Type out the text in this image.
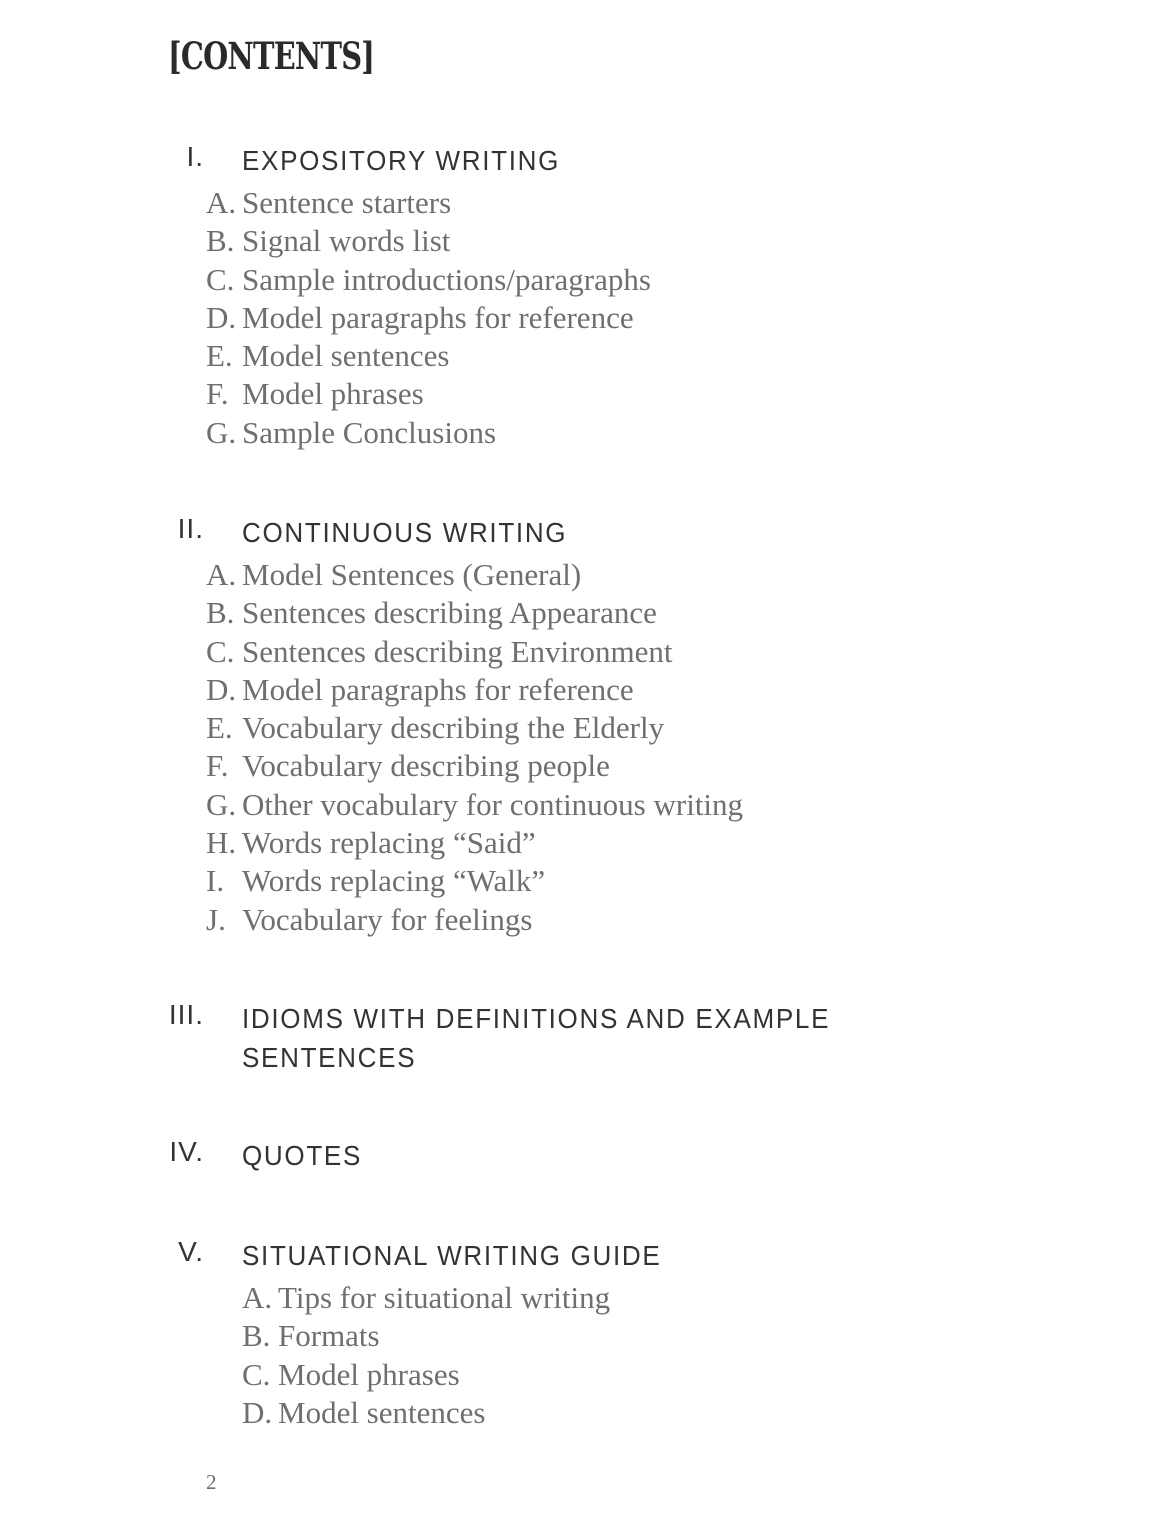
[CONTENTS]
I. EXPOSITORY WRITING
A. Sentence starters
B. Signal words list
C. Sample introductions/paragraphs
D. Model paragraphs for reference
E. Model sentences
F. Model phrases
G. Sample Conclusions
II. CONTINUOUS WRITING
A. Model Sentences (General)
B. Sentences describing Appearance
C. Sentences describing Environment
D. Model paragraphs for reference
E. Vocabulary describing the Elderly
F. Vocabulary describing people
G. Other vocabulary for continuous writing
H. Words replacing “Said”
I. Words replacing “Walk”
J. Vocabulary for feelings
III. IDIOMS WITH DEFINITIONS AND EXAMPLE SENTENCES
IV. QUOTES
V. SITUATIONAL WRITING GUIDE
A. Tips for situational writing
B. Formats
C. Model phrases
D. Model sentences
2
